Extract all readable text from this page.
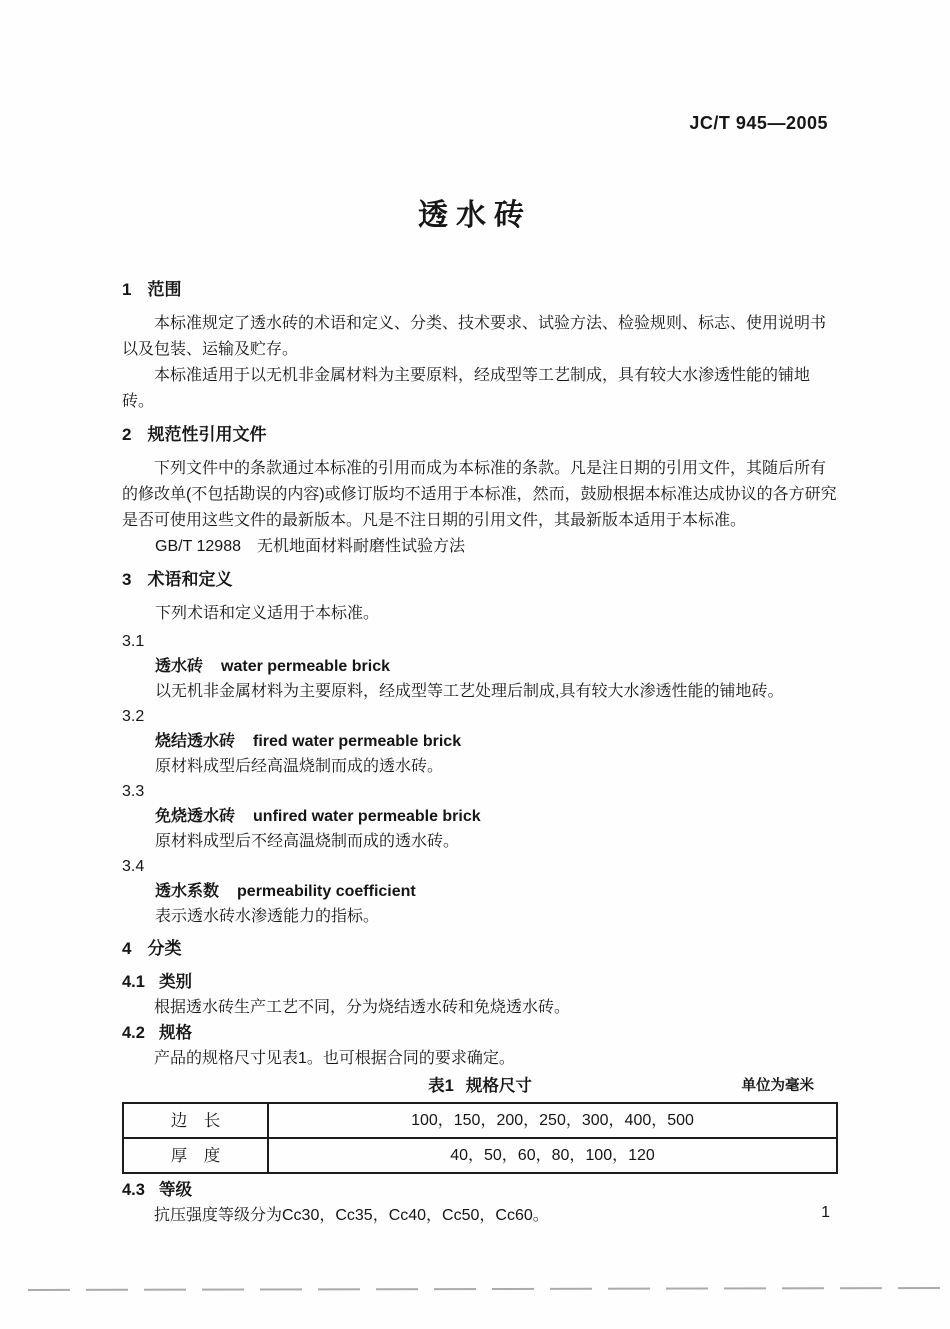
JC/T 945—2005
透水砖
1 范围

本标准规定了透水砖的术语和定义、分类、技术要求、试验方法、检验规则、标志、使用说明书以及包装、运输及贮存。

本标准适用于以无机非金属材料为主要原料，经成型等工艺制成，具有较大水渗透性能的铺地砖。

2 规范性引用文件

下列文件中的条款通过本标准的引用而成为本标准的条款。凡是注日期的引用文件，其随后所有的修改单(不包括勘误的内容)或修订版均不适用于本标准，然而，鼓励根据本标准达成协议的各方研究是否可使用这些文件的最新版本。凡是不注日期的引用文件，其最新版本适用于本标准。

GB/T 12988　无机地面材料耐磨性试验方法

3 术语和定义

下列术语和定义适用于本标准。

3.1
透水砖 water permeable brick
以无机非金属材料为主要原料，经成型等工艺处理后制成,具有较大水渗透性能的铺地砖。
3.2
烧结透水砖 fired water permeable brick
原材料成型后经高温烧制而成的透水砖。
3.3
免烧透水砖 unfired water permeable brick
原材料成型后不经高温烧制而成的透水砖。
3.4
透水系数 permeability coefficient
表示透水砖水渗透能力的指标。
4 分类
4.1 类别

根据透水砖生产工艺不同，分为烧结透水砖和免烧透水砖。

4.2 规格

产品的规格尺寸见表1。也可根据合同的要求确定。

表1 规格尺寸	单位为毫米
边　长	100，150，200，250，300，400，500
厚　度	40，50，60，80，100，120
4.3 等级

抗压强度等级分为Cc30，Cc35，Cc40，Cc50，Cc60。	1
